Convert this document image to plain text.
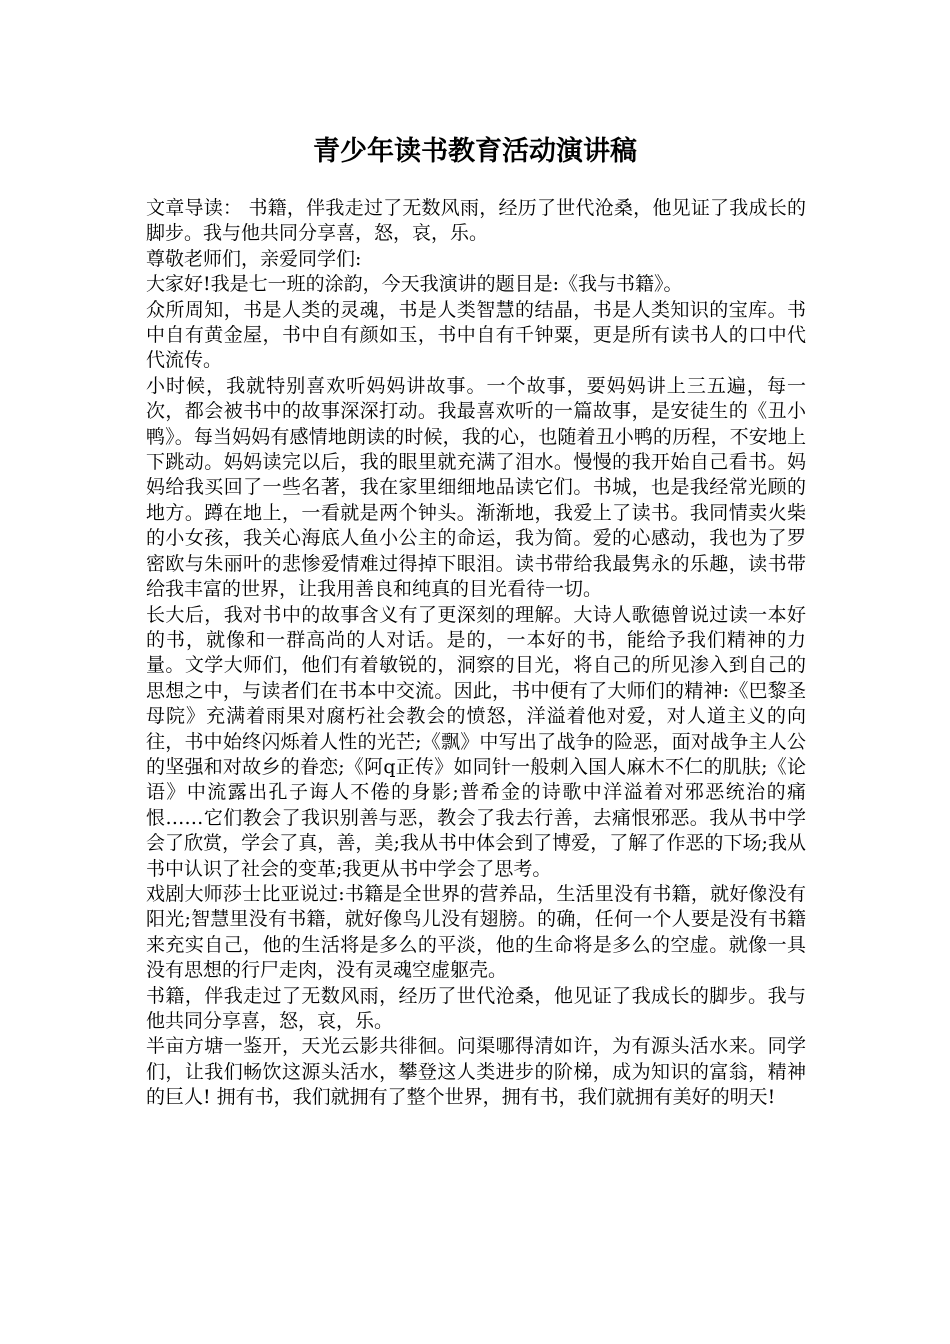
青少年读书教育活动演讲稿

文章导读： 书籍，伴我走过了无数风雨，经历了世代沧桑，他见证了我成长的脚步。我与他共同分享喜，怒，哀，乐。

尊敬老师们，亲爱同学们:

大家好!我是七一班的涂韵，今天我演讲的题目是:《我与书籍》。

众所周知，书是人类的灵魂，书是人类智慧的结晶，书是人类知识的宝库。书中自有黄金屋，书中自有颜如玉，书中自有千钟粟，更是所有读书人的口中代代流传。

小时候，我就特别喜欢听妈妈讲故事。一个故事，要妈妈讲上三五遍，每一次，都会被书中的故事深深打动。我最喜欢听的一篇故事，是安徒生的《丑小鸭》。每当妈妈有感情地朗读的时候，我的心，也随着丑小鸭的历程，不安地上下跳动。妈妈读完以后，我的眼里就充满了泪水。慢慢的我开始自己看书。妈妈给我买回了一些名著，我在家里细细地品读它们。书城，也是我经常光顾的地方。蹲在地上，一看就是两个钟头。渐渐地，我爱上了读书。我同情卖火柴的小女孩，我关心海底人鱼小公主的命运，我为简。爱的心感动，我也为了罗密欧与朱丽叶的悲惨爱情难过得掉下眼泪。读书带给我最隽永的乐趣，读书带给我丰富的世界，让我用善良和纯真的目光看待一切。

长大后，我对书中的故事含义有了更深刻的理解。大诗人歌德曾说过读一本好的书，就像和一群高尚的人对话。是的，一本好的书，能给予我们精神的力量。文学大师们，他们有着敏锐的，洞察的目光，将自己的所见渗入到自己的思想之中，与读者们在书本中交流。因此，书中便有了大师们的精神:《巴黎圣母院》充满着雨果对腐朽社会教会的愤怒，洋溢着他对爱，对人道主义的向往，书中始终闪烁着人性的光芒;《飘》中写出了战争的险恶，面对战争主人公的坚强和对故乡的眷恋;《阿q正传》如同针一般刺入国人麻木不仁的肌肤;《论语》中流露出孔子诲人不倦的身影;普希金的诗歌中洋溢着对邪恶统治的痛恨……它们教会了我识别善与恶，教会了我去行善，去痛恨邪恶。我从书中学会了欣赏，学会了真，善，美;我从书中体会到了博爱，了解了作恶的下场;我从书中认识了社会的变革;我更从书中学会了思考。

戏剧大师莎士比亚说过:书籍是全世界的营养品，生活里没有书籍，就好像没有阳光;智慧里没有书籍，就好像鸟儿没有翅膀。的确，任何一个人要是没有书籍来充实自己，他的生活将是多么的平淡，他的生命将是多么的空虚。就像一具没有思想的行尸走肉，没有灵魂空虚躯壳。

书籍，伴我走过了无数风雨，经历了世代沧桑，他见证了我成长的脚步。我与他共同分享喜，怒，哀，乐。

半亩方塘一鉴开，天光云影共徘徊。问渠哪得清如许，为有源头活水来。同学们，让我们畅饮这源头活水，攀登这人类进步的阶梯，成为知识的富翁，精神的巨人! 拥有书，我们就拥有了整个世界，拥有书，我们就拥有美好的明天!
